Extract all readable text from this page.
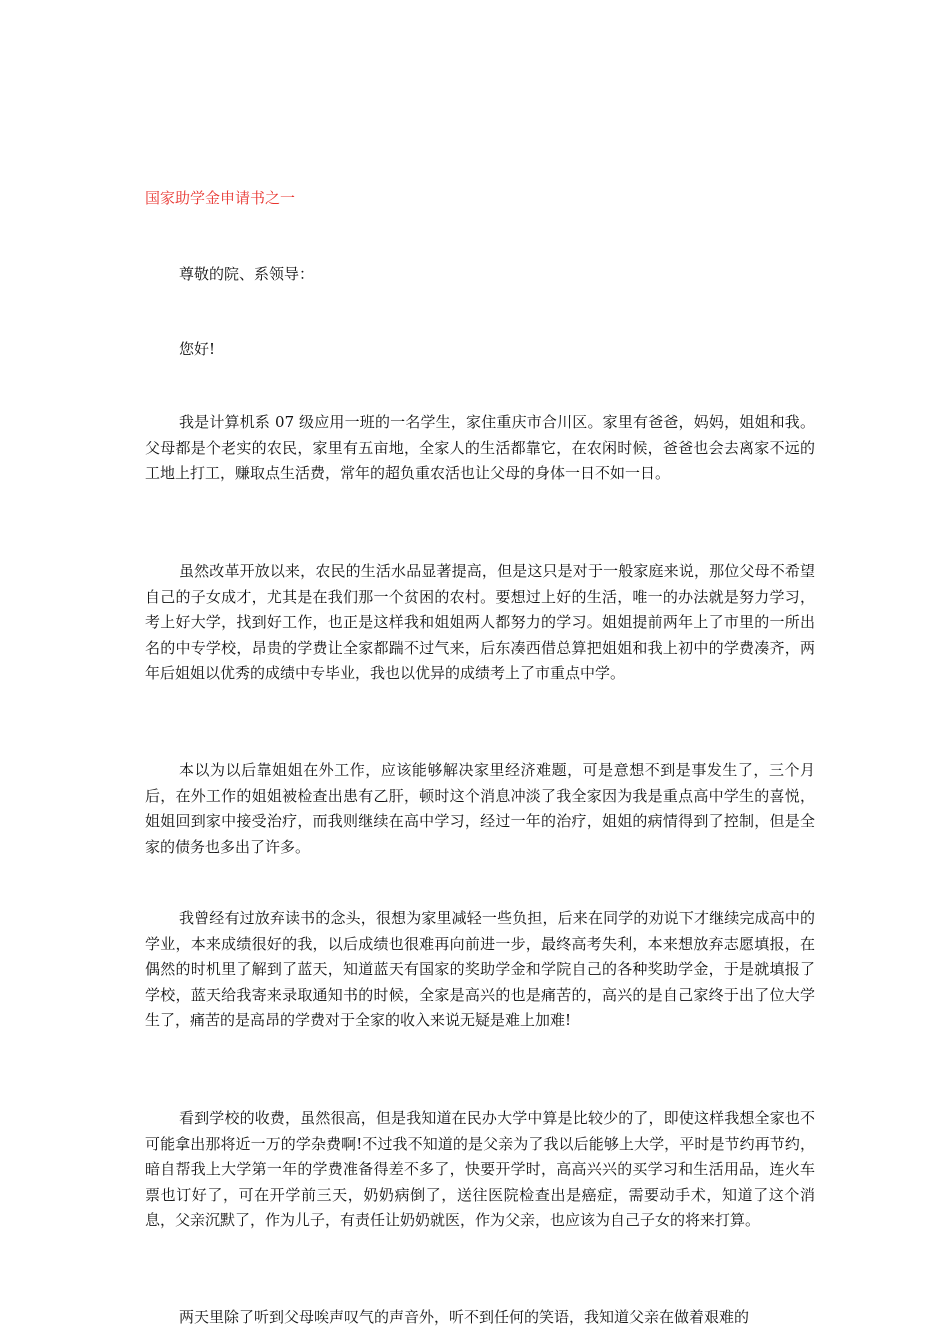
国家助学金申请书之一

尊敬的院、系领导：

您好!

我是计算机系 07 级应用一班的一名学生，家住重庆市合川区。家里有爸爸，妈妈，姐姐和我。父母都是个老实的农民，家里有五亩地，全家人的生活都靠它，在农闲时候，爸爸也会去离家不远的工地上打工，赚取点生活费，常年的超负重农活也让父母的身体一日不如一日。

虽然改革开放以来，农民的生活水品显著提高，但是这只是对于一般家庭来说，那位父母不希望自己的子女成才，尤其是在我们那一个贫困的农村。要想过上好的生活，唯一的办法就是努力学习，考上好大学，找到好工作，也正是这样我和姐姐两人都努力的学习。姐姐提前两年上了市里的一所出名的中专学校，昂贵的学费让全家都踹不过气来，后东凑西借总算把姐姐和我上初中的学费凑齐，两年后姐姐以优秀的成绩中专毕业，我也以优异的成绩考上了市重点中学。

本以为以后靠姐姐在外工作，应该能够解决家里经济难题，可是意想不到是事发生了，三个月后，在外工作的姐姐被检查出患有乙肝，顿时这个消息冲淡了我全家因为我是重点高中学生的喜悦，姐姐回到家中接受治疗，而我则继续在高中学习，经过一年的治疗，姐姐的病情得到了控制，但是全家的债务也多出了许多。

我曾经有过放弃读书的念头，很想为家里减轻一些负担，后来在同学的劝说下才继续完成高中的学业，本来成绩很好的我，以后成绩也很难再向前进一步，最终高考失利，本来想放弃志愿填报，在偶然的时机里了解到了蓝天，知道蓝天有国家的奖助学金和学院自己的各种奖助学金，于是就填报了学校，蓝天给我寄来录取通知书的时候，全家是高兴的也是痛苦的，高兴的是自己家终于出了位大学生了，痛苦的是高昂的学费对于全家的收入来说无疑是难上加难!

看到学校的收费，虽然很高，但是我知道在民办大学中算是比较少的了，即使这样我想全家也不可能拿出那将近一万的学杂费啊!不过我不知道的是父亲为了我以后能够上大学，平时是节约再节约，暗自帮我上大学第一年的学费准备得差不多了，快要开学时，高高兴兴的买学习和生活用品，连火车票也订好了，可在开学前三天，奶奶病倒了，送往医院检查出是癌症，需要动手术，知道了这个消息，父亲沉默了，作为儿子，有责任让奶奶就医，作为父亲，也应该为自己子女的将来打算。

两天里除了听到父母唉声叹气的声音外，听不到任何的笑语，我知道父亲在做着艰难的
